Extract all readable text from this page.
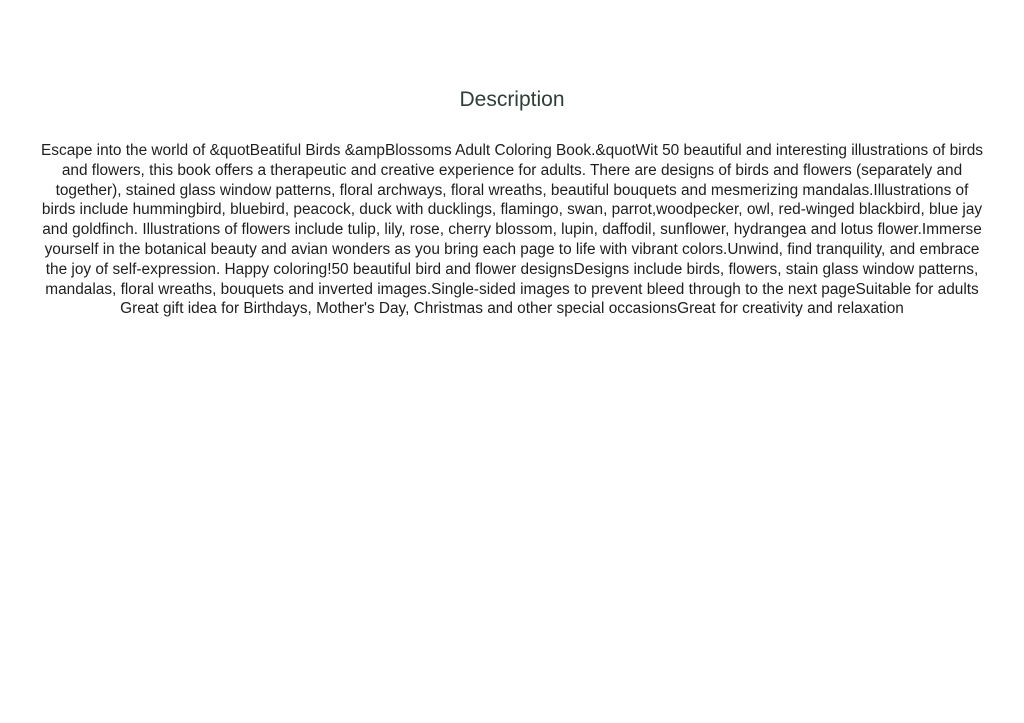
Description

Escape into the world of &quotBeatiful Birds &ampBlossoms Adult Coloring Book.&quotWit 50 beautiful and interesting illustrations of birds and flowers, this book offers a therapeutic and creative experience for adults. There are designs of birds and flowers (separately and together), stained glass window patterns, floral archways, floral wreaths, beautiful bouquets and mesmerizing mandalas.Illustrations of birds include hummingbird, bluebird, peacock, duck with ducklings, flamingo, swan, parrot,woodpecker, owl, red-winged blackbird, blue jay and goldfinch. Illustrations of flowers include tulip, lily, rose, cherry blossom, lupin, daffodil, sunflower, hydrangea and lotus flower.Immerse yourself in the botanical beauty and avian wonders as you bring each page to life with vibrant colors.Unwind, find tranquility, and embrace the joy of self-expression. Happy coloring!50 beautiful bird and flower designsDesigns include birds, flowers, stain glass window patterns, mandalas, floral wreaths, bouquets and inverted images.Single-sided images to prevent bleed through to the next pageSuitable for adults Great gift idea for Birthdays, Mother's Day, Christmas and other special occasionsGreat for creativity and relaxation
